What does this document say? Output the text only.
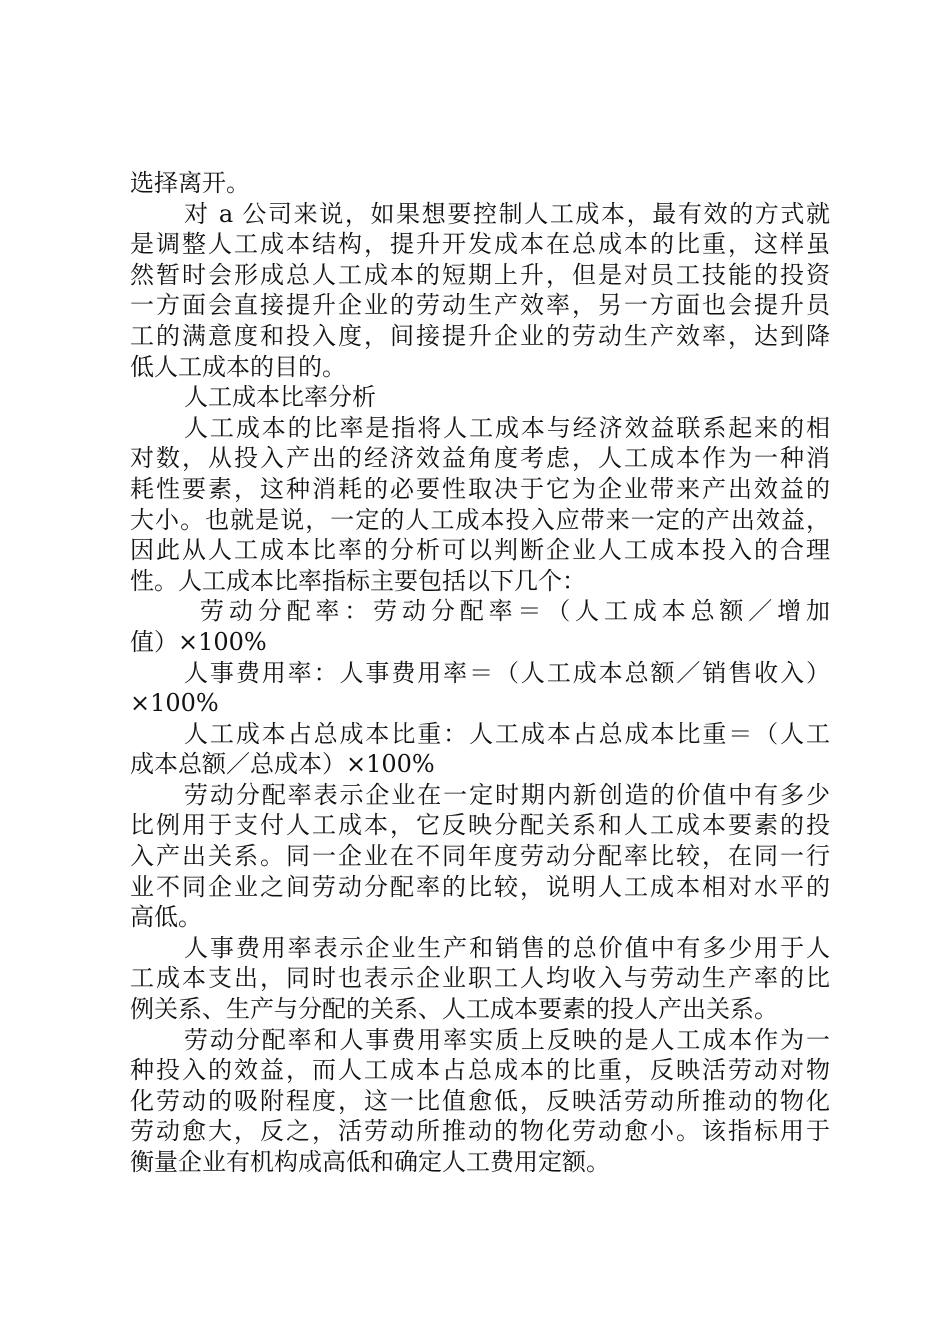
选择离开。
对 a 公司来说，如果想要控制人工成本，最有效的方式就
是调整人工成本结构，提升开发成本在总成本的比重，这样虽
然暂时会形成总人工成本的短期上升，但是对员工技能的投资
一方面会直接提升企业的劳动生产效率，另一方面也会提升员
工的满意度和投入度，间接提升企业的劳动生产效率，达到降
低人工成本的目的。
人工成本比率分析
人工成本的比率是指将人工成本与经济效益联系起来的相
对数，从投入产出的经济效益角度考虑，人工成本作为一种消
耗性要素，这种消耗的必要性取决于它为企业带来产出效益的
大小。也就是说，一定的人工成本投入应带来一定的产出效益，
因此从人工成本比率的分析可以判断企业人工成本投入的合理
性。人工成本比率指标主要包括以下几个：
劳动分配率：劳动分配率＝（人工成本总额／增加
值）×100%
人事费用率：人事费用率＝（人工成本总额／销售收入）
×100%
人工成本占总成本比重：人工成本占总成本比重＝（人工
成本总额／总成本）×100%
劳动分配率表示企业在一定时期内新创造的价值中有多少
比例用于支付人工成本，它反映分配关系和人工成本要素的投
入产出关系。同一企业在不同年度劳动分配率比较，在同一行
业不同企业之间劳动分配率的比较，说明人工成本相对水平的
高低。
人事费用率表示企业生产和销售的总价值中有多少用于人
工成本支出，同时也表示企业职工人均收入与劳动生产率的比
例关系、生产与分配的关系、人工成本要素的投人产出关系。
劳动分配率和人事费用率实质上反映的是人工成本作为一
种投入的效益，而人工成本占总成本的比重，反映活劳动对物
化劳动的吸附程度，这一比值愈低，反映活劳动所推动的物化
劳动愈大，反之，活劳动所推动的物化劳动愈小。该指标用于
衡量企业有机构成高低和确定人工费用定额。
